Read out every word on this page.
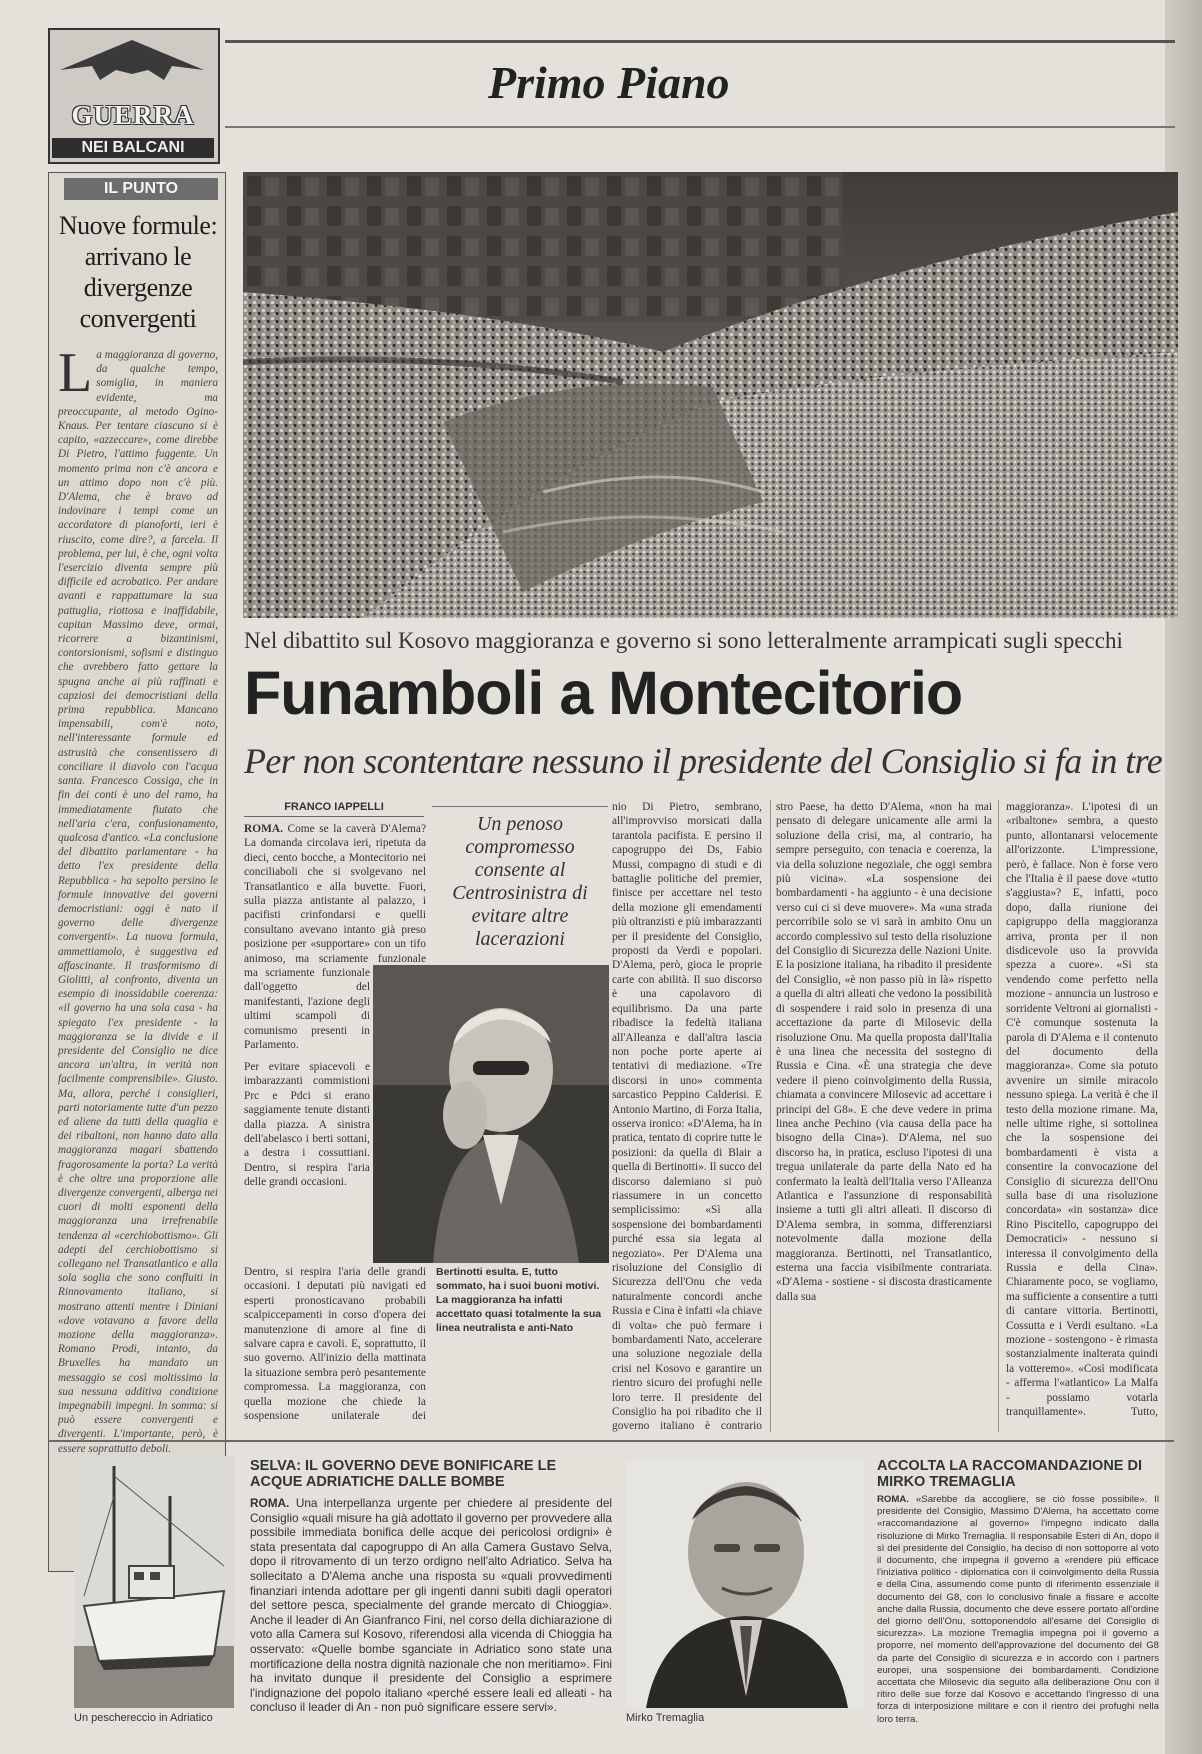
GUERRA
NEI BALCANI
Primo Piano
IL PUNTO
Nuove formule: arrivano le divergenze convergenti
La maggioranza di governo, da qualche tempo, somiglia, in maniera evidente, ma preoccupante, al metodo Ogino-Knaus. Per tentare ciascuno si è capito, «azzeccare», come direbbe Di Pietro, l'attimo fuggente. Un momento prima non c'è ancora e un attimo dopo non c'è più. D'Alema, che è bravo ad indovinare i tempi come un accordatore di pianoforti, ieri è riuscito, come dire?, a farcela. Il problema, per lui, è che, ogni volta l'esercizio diventa sempre più difficile ed acrobatico. Per andare avanti e rappattumare la sua pattuglia, riottosa e inaffidabile, capitan Massimo deve, ormai, ricorrere a bizantinismi, contorsionismi, sofismi e distinguo che avrebbero fatto gettare la spugna anche ai più raffinati e capziosi dei democristiani della prima repubblica. Mancano impensabili, com'è noto, nell'interessante formule ed astrusità che consentissero di conciliare il diavolo con l'acqua santa. Francesco Cossiga, che in fin dei conti è uno del ramo, ha immediatamente fiutato che nell'aria c'era, confusionamento, qualcosa d'antico. «La conclusione del dibattito parlamentare - ha detto l'ex presidente della Repubblica - ha sepolto persino le formule innovative dei governi democristiani: oggi è nato il governo delle divergenze convergenti». La nuova formula, ammettiamolo, è suggestiva ed affascinante. Il trasformismo di Giolitti, al confronto, diventa un esempio di inossidabile coerenza: «il governo ha una sola casa - ha spiegato l'ex presidente - la maggioranza se la divide e il presidente del Consiglio ne dice ancora un'altra, in verità non facilmente comprensibile». Giusto. Ma, allora, perché i consiglieri, parti notoriamente tutte d'un pezzo ed aliene da tutti della quaglia e dei ribaltoni, non hanno dato alla maggioranza magari sbattendo fragorosamente la porta? La verità è che oltre una proporzione alle divergenze convergenti, alberga nei cuori di molti esponenti della maggioranza una irrefrenabile tendenza al «cerchiobottismo». Gli adepti del cerchiobottismo si collegano nel Transatlantico e alla sola soglia che sono confluiti in Rinnovamento italiano, si mostrano attenti mentre i Diniani «dove votavano a favore della mozione della maggioranza». Romano Prodi, intanto, da Bruxelles ha mandato un messaggio se così moltissimo la sua nessuna additiva condizione impegnabili impegni. In somma: si può essere convergenti e divergenti. L'importante, però, è essere soprattutto deboli.
Nel dibattito sul Kosovo maggioranza e governo si sono letteralmente arrampicati sugli specchi
Funamboli a Montecitorio
Per non scontentare nessuno il presidente del Consiglio si fa in tre
FRANCO IAPPELLI
ROMA. Come se la caverà D'Alema? La domanda circolava ieri, ripetuta da dieci, cento bocche, a Montecitorio nei conciliaboli che si svolgevano nel Transatlantico e alla buvette. Fuori, sulla piazza antistante al palazzo, i pacifisti crinfondarsi e quelli consultano avevano intanto già preso posizione per «supportare» con un tifo animoso, ma scriamente funzionale
ma scriamente funzionale dall'oggetto del manifestanti, l'azione degli ultimi scampoli di comunismo presenti in Parlamento.
Dentro, si respira l'aria delle grandi occasioni. I deputati più navigati ed esperti pronosticavano probabili scalpiccepamenti in corso d'opera dei manutenzione di amore al fine di salvare capra e cavoli. E, soprattutto, il suo governo. All'inizio della mattinata la situazione sembra però pesantemente compromessa. La maggioranza, con quella mozione che chiede la sospensione unilaterale dei
Per evitare spiacevoli e imbarazzanti commistioni Prc e Pdci si erano saggiamente tenute distanti dalla piazza. A sinistra dell'abelasco i berti sottani, a destra i cossuttiani. Dentro, si respira l'aria delle grandi occasioni.
Un penoso compromesso consente al Centrosinistra di evitare altre lacerazioni
Bertinotti esulta. E, tutto sommato, ha i suoi buoni motivi. La maggioranza ha infatti accettato quasi totalmente la sua linea neutralista e anti-Nato
nio Di Pietro, sembrano, all'improvviso morsicati dalla tarantola pacifista. E persino il capogruppo dei Ds, Fabio Mussi, compagno di studi e di battaglie politiche del premier, finisce per accettare nel testo della mozione gli emendamenti più oltranzisti e più imbarazzanti per il presidente del Consiglio, proposti da Verdi e popolari. D'Alema, però, gioca le proprie carte con abilità. Il suo discorso è una capolavoro di equilibrismo. Da una parte ribadisce la fedeltà italiana all'Alleanza e dall'altra lascia non poche porte aperte ai tentativi di mediazione. «Tre discorsi in uno» commenta sarcastico Peppino Calderisi. E Antonio Martino, di Forza Italia, osserva ironico: «D'Alema, ha in pratica, tentato di coprire tutte le posizioni: da quella di Blair a quella di Bertinotti». Il succo del discorso dalemiano si può riassumere in un concetto semplicissimo: «Sì alla sospensione dei bombardamenti purché essa sia legata al negoziato». Per D'Alema una risoluzione del Consiglio di Sicurezza dell'Onu che veda naturalmente concordi anche Russia e Cina è infatti «la chiave di volta» che può fermare i bombardamenti Nato, accelerare una soluzione negoziale della crisi nel Kosovo e garantire un rientro sicuro dei profughi nelle loro terre. Il presidente del Consiglio ha poi ribadito che il governo italiano è contrario
stro Paese, ha detto D'Alema, «non ha mai pensato di delegare unicamente alle armi la soluzione della crisi, ma, al contrario, ha sempre perseguito, con tenacia e coerenza, la via della soluzione negoziale, che oggi sembra più vicina». «La sospensione dei bombardamenti - ha aggiunto - è una decisione verso cui ci si deve muovere». Ma «una strada percorribile solo se vi sarà in ambito Onu un accordo complessivo sul testo della risoluzione del Consiglio di Sicurezza delle Nazioni Unite. E la posizione italiana, ha ribadito il presidente del Consiglio, «è non passo più in là» rispetto a quella di altri alleati che vedono la possibilità di sospendere i raid solo in presenza di una accettazione da parte di Milosevic della risoluzione Onu. Ma quella proposta dall'Italia è una linea che necessita del sostegno di Russia e Cina. «È una strategia che deve vedere il pieno coinvolgimento della Russia, chiamata a convincere Milosevic ad accettare i principi del G8». E che deve vedere in prima linea anche Pechino (via causa della pace ha bisogno della Cina»). D'Alema, nel suo discorso ha, in pratica, escluso l'ipotesi di una tregua unilaterale da parte della Nato ed ha confermato la lealtà dell'Italia verso l'Alleanza Atlantica e l'assunzione di responsabilità insieme a tutti gli altri alleati. Il discorso di D'Alema sembra, in somma, differenziarsi notevolmente dalla mozione della maggioranza. Bertinotti, nel Transatlantico, esterna una faccia visibilmente contrariata. «D'Alema - sostiene - si discosta drasticamente dalla sua
maggioranza». L'ipotesi di un «ribaltone» sembra, a questo punto, allontanarsi velocemente all'orizzonte. L'impressione, però, è fallace. Non è forse vero che l'Italia è il paese dove «tutto s'aggiusta»? E, infatti, poco dopo, dalla riunione dei capigruppo della maggioranza arriva, pronta per il non disdicevole uso la provvida spezza a cuore». «Si sta vendendo come perfetto nella mozione - annuncia un lustroso e sorridente Veltroni ai giornalisti - C'è comunque sostenuta la parola di D'Alema e il contenuto del documento della maggioranza». Come sia potuto avvenire un simile miracolo nessuno spiega. La verità è che il testo della mozione rimane. Ma, nelle ultime righe, si sottolinea che la sospensione dei bombardamenti è vista a consentire la convocazione del Consiglio di sicurezza dell'Onu sulla base di una risoluzione concordata» «in sostanza» dice Rino Piscitello, capogruppo dei Democratici» - nessuno si interessa il convolgimento della Russia e della Cina». Chiaramente poco, se vogliamo, ma sufficiente a consentire a tutti di cantare vittoria. Bertinotti, Cossutta e i Verdi esultano. «La mozione - sostengono - è rimasta sostanzialmente inalterata quindi la votteremo». «Così modificata - afferma l'«atlantico» La Malfa - possiamo votarla tranquillamente». Tutto,
Un peschereccio in Adriatico
SELVA: IL GOVERNO DEVE BONIFICARE LE ACQUE ADRIATICHE DALLE BOMBE
ROMA. Una interpellanza urgente per chiedere al presidente del Consiglio «quali misure ha già adottato il governo per provvedere alla possibile immediata bonifica delle acque dei pericolosi ordigni» è stata presentata dal capogruppo di An alla Camera Gustavo Selva, dopo il ritrovamento di un terzo ordigno nell'alto Adriatico. Selva ha sollecitato a D'Alema anche una risposta su «quali provvedimenti finanziari intenda adottare per gli ingenti danni subiti dagli operatori del settore pesca, specialmente del grande mercato di Chioggia». Anche il leader di An Gianfranco Fini, nel corso della dichiarazione di voto alla Camera sul Kosovo, riferendosi alla vicenda di Chioggia ha osservato: «Quelle bombe sganciate in Adriatico sono state una mortificazione della nostra dignità nazionale che non meritiamo». Fini ha invitato dunque il presidente del Consiglio a esprimere l'indignazione del popolo italiano «perché essere leali ed alleati - ha concluso il leader di An - non può significare essere servi».
Mirko Tremaglia
ACCOLTA LA RACCOMANDAZIONE DI MIRKO TREMAGLIA
ROMA. «Sarebbe da accogliere, se ciò fosse possibile». Il presidente del Consiglio, Massimo D'Alema, ha accettato come «raccomandazione al governo» l'impegno indicato dalla risoluzione di Mirko Tremaglia. Il responsabile Esteri di An, dopo il sì del presidente del Consiglio, ha deciso di non sottoporre al voto il documento, che impegna il governo a «rendere più efficace l'iniziativa politico - diplomatica con il coinvolgimento della Russia e della Cina, assumendo come punto di riferimento essenziale il documento del G8, con lo conclusivo finale a fissare e accolte anche dalla Russia, documento che deve essere portato all'ordine del giorno dell'Onu, sottoponendolo all'esame del Consiglio di sicurezza». La mozione Tremaglia impegna poi il governo a proporre, nel momento dell'approvazione del documento del G8 da parte del Consiglio di sicurezza e in accordo con i partners europei, una sospensione dei bombardamenti. Condizione accettata che Milosevic dia seguito alla deliberazione Onu con il ritiro delle sue forze dal Kosovo e accettando l'ingresso di una forza di interposizione militare e con il rientro dei profughi nella loro terra.
